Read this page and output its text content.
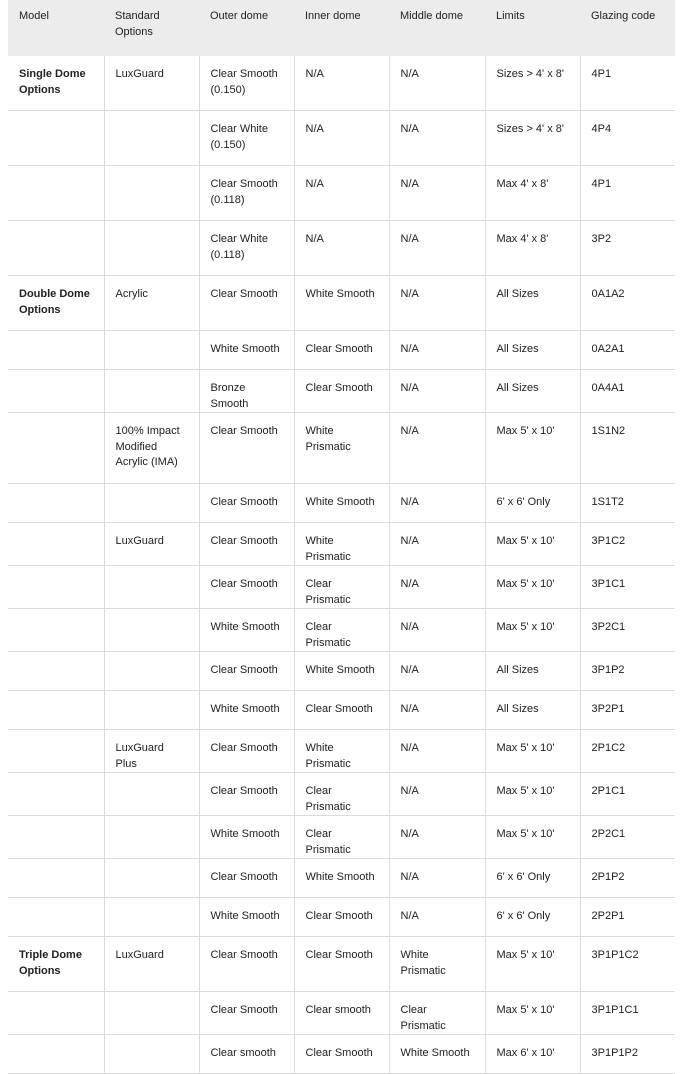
Model	Standard Options	Outer dome	Inner dome	Middle dome	Limits	Glazing code
Single Dome Options	LuxGuard	Clear Smooth (0.150)	N/A	N/A	Sizes > 4' x 8'	4P1
		Clear White (0.150)	N/A	N/A	Sizes > 4' x 8'	4P4
		Clear Smooth (0.118)	N/A	N/A	Max 4' x 8'	4P1
		Clear White (0.118)	N/A	N/A	Max 4' x 8'	3P2
Double Dome Options	Acrylic	Clear Smooth	White Smooth	N/A	All Sizes	0A1A2
		White Smooth	Clear Smooth	N/A	All Sizes	0A2A1
		Bronze Smooth	Clear Smooth	N/A	All Sizes	0A4A1
	100% Impact Modified Acrylic (IMA)	Clear Smooth	White Prismatic	N/A	Max 5' x 10'	1S1N2
		Clear Smooth	White Smooth	N/A	6' x 6' Only	1S1T2
	LuxGuard	Clear Smooth	White Prismatic	N/A	Max 5' x 10'	3P1C2
		Clear Smooth	Clear Prismatic	N/A	Max 5' x 10'	3P1C1
		White Smooth	Clear Prismatic	N/A	Max 5' x 10'	3P2C1
		Clear Smooth	White Smooth	N/A	All Sizes	3P1P2
		White Smooth	Clear Smooth	N/A	All Sizes	3P2P1
	LuxGuard Plus	Clear Smooth	White Prismatic	N/A	Max 5' x 10'	2P1C2
		Clear Smooth	Clear Prismatic	N/A	Max 5' x 10'	2P1C1
		White Smooth	Clear Prismatic	N/A	Max 5' x 10'	2P2C1
		Clear Smooth	White Smooth	N/A	6' x 6' Only	2P1P2
		White Smooth	Clear Smooth	N/A	6' x 6' Only	2P2P1
Triple Dome Options	LuxGuard	Clear Smooth	Clear Smooth	White Prismatic	Max 5' x 10'	3P1P1C2
		Clear Smooth	Clear smooth	Clear Prismatic	Max 5' x 10'	3P1P1C1
		Clear smooth	Clear Smooth	White Smooth	Max 6' x 10'	3P1P1P2
